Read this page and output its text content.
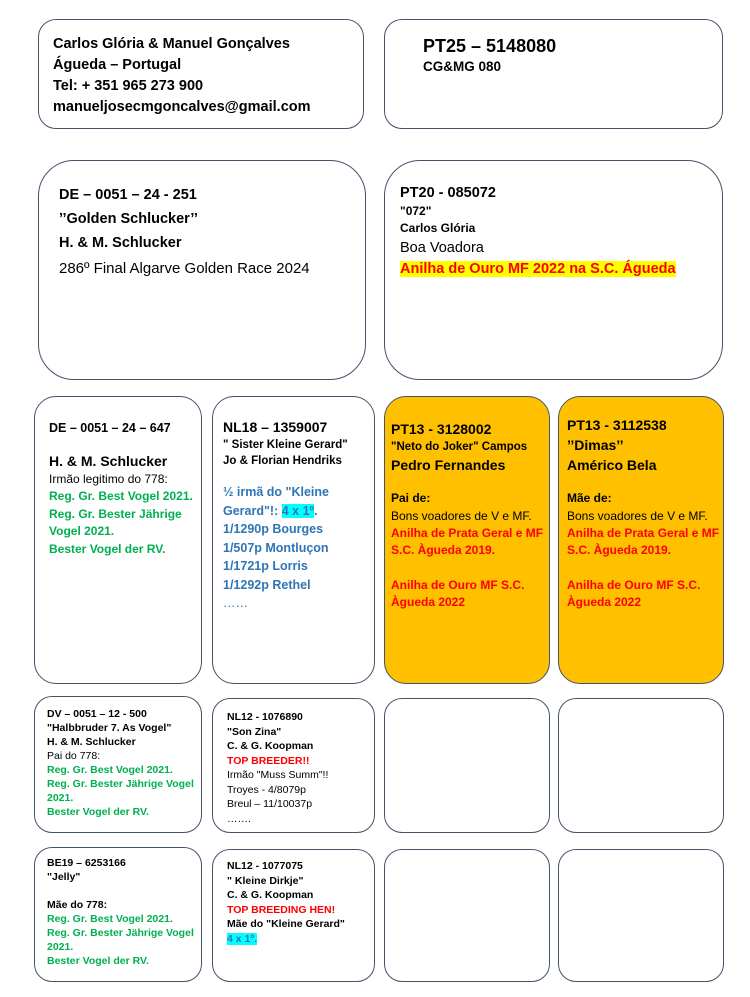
Carlos Glória & Manuel Gonçalves
Águeda – Portugal
Tel: + 351 965 273 900
manueljosecmgoncalves@gmail.com
PT25 – 5148080
CG&MG 080
DE – 0051 – 24 - 251
’’Golden Schlucker’’
H. & M. Schlucker
286º Final Algarve Golden Race 2024
PT20 - 085072
"072"
Carlos Glória
Boa Voadora
Anilha de Ouro MF 2022 na S.C. Águeda
DE – 0051 – 24 – 647
H. & M. Schlucker
Irmão legitimo do 778:
Reg. Gr. Best Vogel 2021.
Reg. Gr. Bester Jährige Vogel 2021.
Bester Vogel der RV.
NL18 – 1359007
" Sister Kleine Gerard"
Jo & Florian Hendriks
½ irmã do "Kleine Gerard"!: 4 x 1º.
1/1290p Bourges
1/507p Montluçon
1/1721p Lorris
1/1292p Rethel
……
PT13 - 3128002
"Neto do Joker" Campos
Pedro Fernandes
Pai de:
Bons voadores de V e MF.
Anilha de Prata Geral e MF S.C. Àgueda 2019.
Anilha de Ouro MF S.C. Àgueda 2022
PT13 - 3112538
’’Dimas’’
Américo Bela
Mãe de:
Bons voadores de V e MF.
Anilha de Prata Geral e MF S.C. Àgueda 2019.
Anilha de Ouro MF S.C. Àgueda 2022
DV – 0051 – 12 - 500
"Halbbruder 7. As Vogel"
H. & M. Schlucker
Pai do 778:
Reg. Gr. Best Vogel 2021.
Reg. Gr. Bester Jährige Vogel 2021.
Bester Vogel der RV.
NL12 - 1076890
"Son Zina"
C. & G. Koopman
TOP BREEDER!!
Irmão "Muss Summ"!!
Troyes - 4/8079p
Breul – 11/10037p
…….
BE19 – 6253166
"Jelly"
Mãe do 778:
Reg. Gr. Best Vogel 2021.
Reg. Gr. Bester Jährige Vogel 2021.
Bester Vogel der RV.
NL12 - 1077075
" Kleine Dirkje"
C. & G. Koopman
TOP BREEDING HEN!
Mãe do "Kleine Gerard"
4 x 1º.
